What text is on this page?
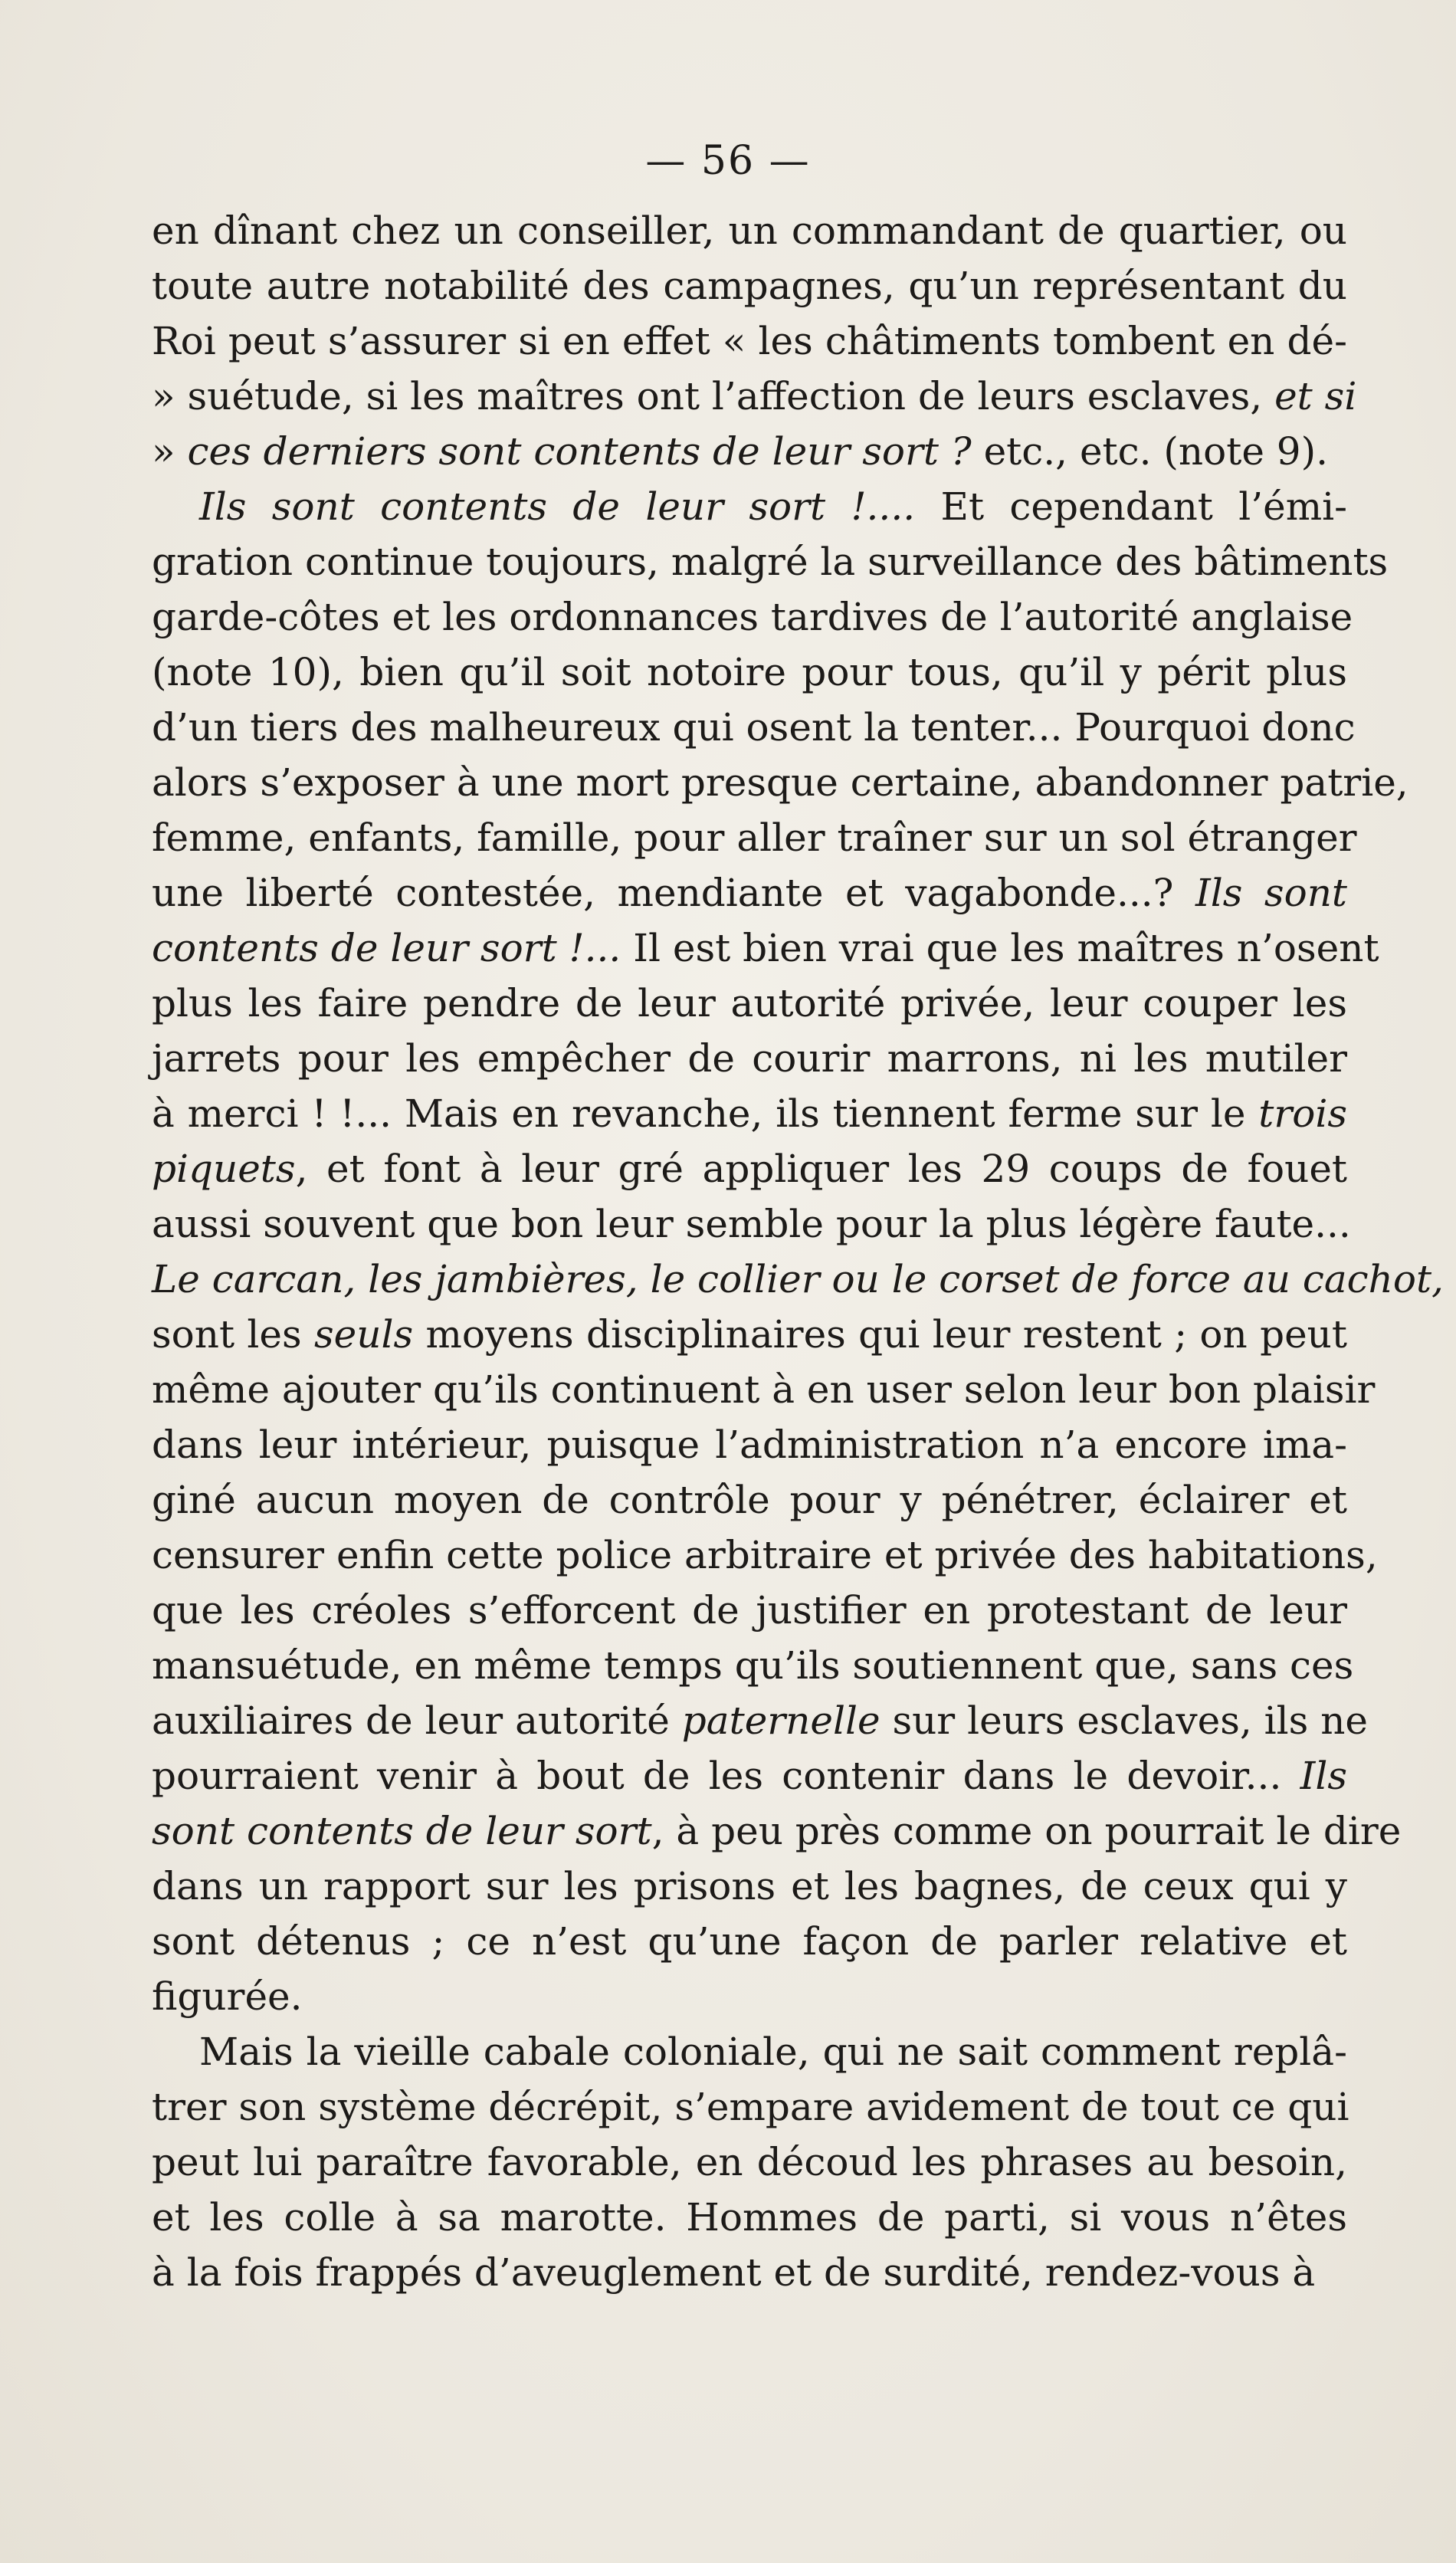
— 56 —
en dînant chez un conseiller, un commandant de quartier, ou
toute autre notabilité des campagnes, qu’un représentant du
Roi peut s’assurer si en effet « les châtiments tombent en dé-
» suétude, si les maîtres ont l’affection de leurs esclaves, et si
» ces derniers sont contents de leur sort ? etc., etc. (note 9).
Ils sont contents de leur sort !.... Et cependant l’émi-
gration continue toujours, malgré la surveillance des bâtiments
garde-côtes et les ordonnances tardives de l’autorité anglaise
(note 10), bien qu’il soit notoire pour tous, qu’il y périt plus
d’un tiers des malheureux qui osent la tenter... Pourquoi donc
alors s’exposer à une mort presque certaine, abandonner patrie,
femme, enfants, famille, pour aller traîner sur un sol étranger
une liberté contestée, mendiante et vagabonde...? Ils sont
contents de leur sort !... Il est bien vrai que les maîtres n’osent
plus les faire pendre de leur autorité privée, leur couper les
jarrets pour les empêcher de courir marrons, ni les mutiler
à merci ! !... Mais en revanche, ils tiennent ferme sur le trois
piquets, et font à leur gré appliquer les 29 coups de fouet
aussi souvent que bon leur semble pour la plus légère faute...
Le carcan, les jambières, le collier ou le corset de force au cachot,
sont les seuls moyens disciplinaires qui leur restent ; on peut
même ajouter qu’ils continuent à en user selon leur bon plaisir
dans leur intérieur, puisque l’administration n’a encore ima-
giné aucun moyen de contrôle pour y pénétrer, éclairer et
censurer enfin cette police arbitraire et privée des habitations,
que les créoles s’efforcent de justifier en protestant de leur
mansuétude, en même temps qu’ils soutiennent que, sans ces
auxiliaires de leur autorité paternelle sur leurs esclaves, ils ne
pourraient venir à bout de les contenir dans le devoir... Ils
sont contents de leur sort, à peu près comme on pourrait le dire
dans un rapport sur les prisons et les bagnes, de ceux qui y
sont détenus ; ce n’est qu’une façon de parler relative et
figurée.
Mais la vieille cabale coloniale, qui ne sait comment replâ-
trer son système décrépit, s’empare avidement de tout ce qui
peut lui paraître favorable, en découd les phrases au besoin,
et les colle à sa marotte. Hommes de parti, si vous n’êtes
à la fois frappés d’aveuglement et de surdité, rendez-vous à
